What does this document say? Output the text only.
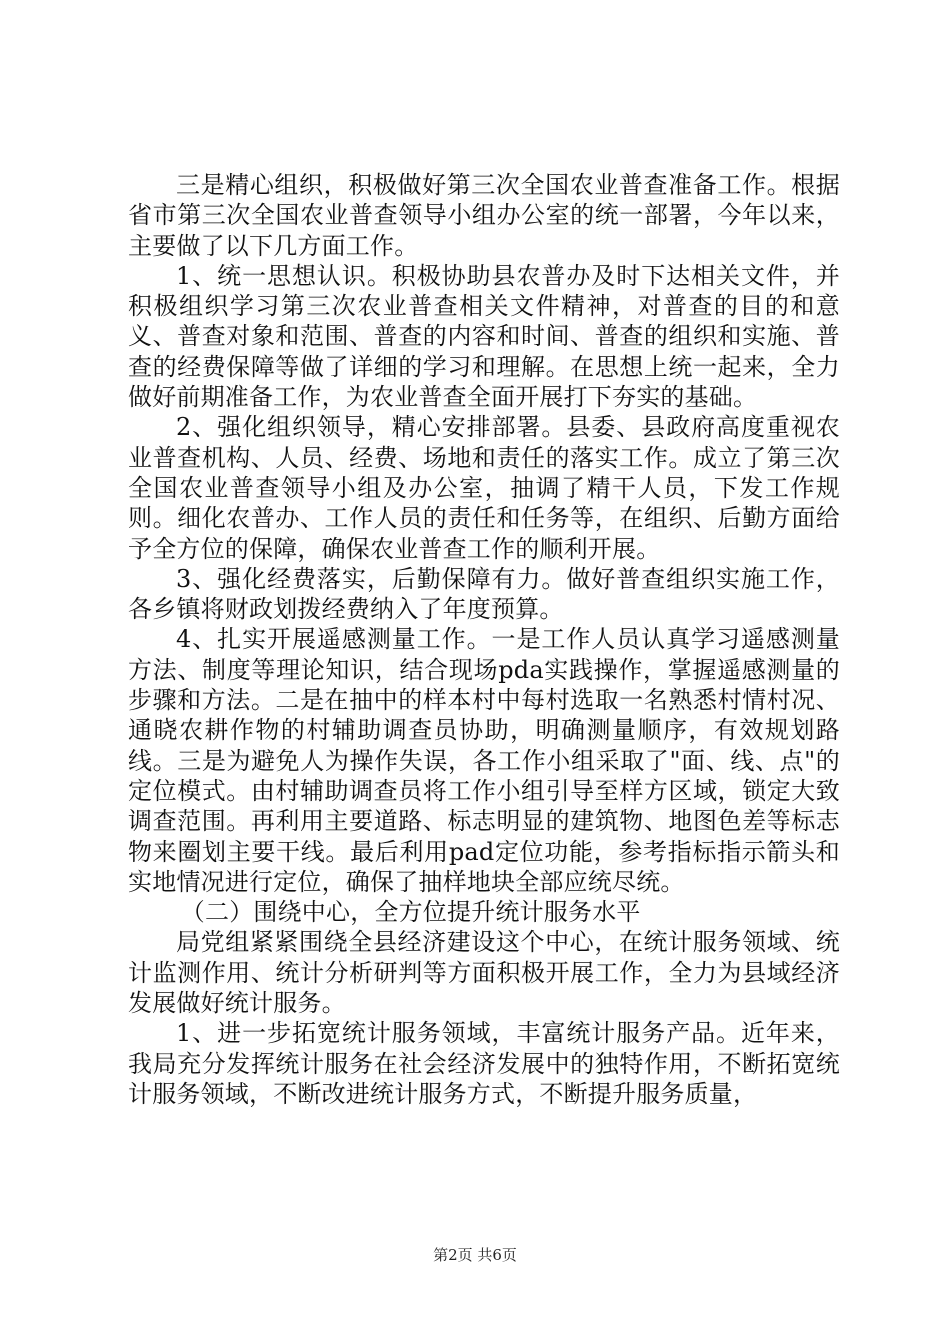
三是精心组织，积极做好第三次全国农业普查准备工作。根据省市第三次全国农业普查领导小组办公室的统一部署，今年以来，主要做了以下几方面工作。

1、统一思想认识。积极协助县农普办及时下达相关文件，并积极组织学习第三次农业普查相关文件精神，对普查的目的和意义、普查对象和范围、普查的内容和时间、普查的组织和实施、普查的经费保障等做了详细的学习和理解。在思想上统一起来，全力做好前期准备工作，为农业普查全面开展打下夯实的基础。

2、强化组织领导，精心安排部署。县委、县政府高度重视农业普查机构、人员、经费、场地和责任的落实工作。成立了第三次全国农业普查领导小组及办公室，抽调了精干人员，下发工作规则。细化农普办、工作人员的责任和任务等，在组织、后勤方面给予全方位的保障，确保农业普查工作的顺利开展。

3、强化经费落实，后勤保障有力。做好普查组织实施工作，各乡镇将财政划拨经费纳入了年度预算。

4、扎实开展遥感测量工作。一是工作人员认真学习遥感测量方法、制度等理论知识，结合现场pda实践操作，掌握遥感测量的步骤和方法。二是在抽中的样本村中每村选取一名熟悉村情村况、通晓农耕作物的村辅助调查员协助，明确测量顺序，有效规划路线。三是为避免人为操作失误，各工作小组采取了"面、线、点"的定位模式。由村辅助调查员将工作小组引导至样方区域，锁定大致调查范围。再利用主要道路、标志明显的建筑物、地图色差等标志物来圈划主要干线。最后利用pad定位功能，参考指标指示箭头和实地情况进行定位，确保了抽样地块全部应统尽统。

（二）围绕中心，全方位提升统计服务水平

局党组紧紧围绕全县经济建设这个中心，在统计服务领域、统计监测作用、统计分析研判等方面积极开展工作，全力为县域经济发展做好统计服务。

1、进一步拓宽统计服务领域，丰富统计服务产品。近年来，我局充分发挥统计服务在社会经济发展中的独特作用，不断拓宽统计服务领域，不断改进统计服务方式，不断提升服务质量，

第2页 共6页
